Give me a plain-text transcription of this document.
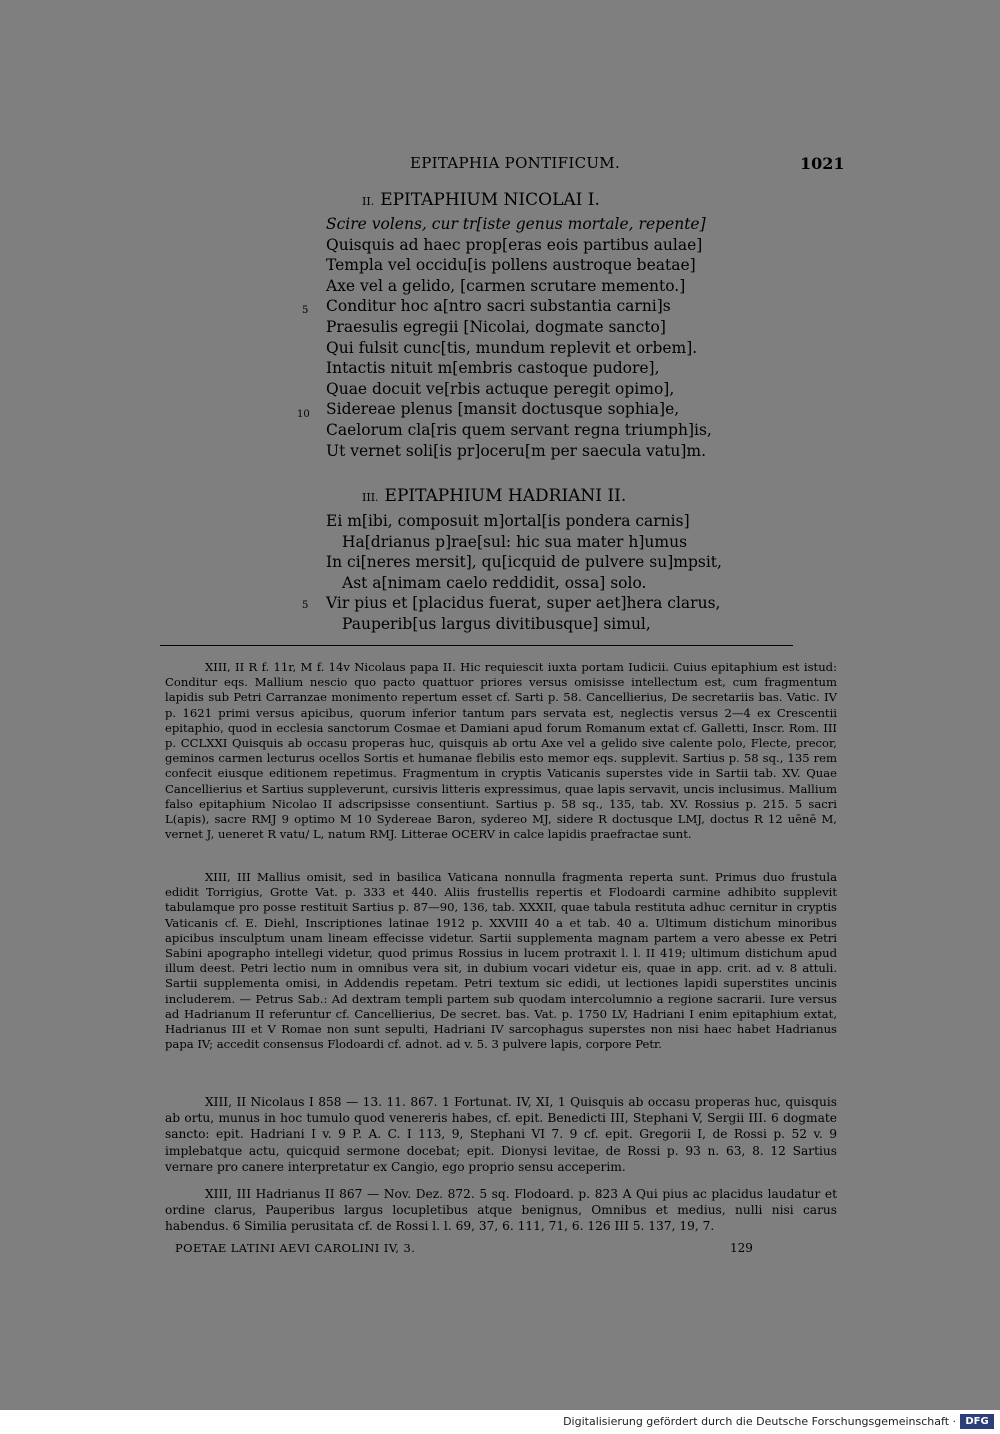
EPITAPHIA PONTIFICUM.	1021
II. EPITAPHIUM NICOLAI I.
5
10
Scire volens, cur tr[iste genus mortale, repente]
Quisquis ad haec prop[eras eois partibus aulae]
Templa vel occidu[is pollens austroque beatae]
Axe vel a gelido, [carmen scrutare memento.]
Conditur hoc a[ntro sacri substantia carni]s
Praesulis egregii [Nicolai, dogmate sancto]
Qui fulsit cunc[tis, mundum replevit et orbem].
Intactis nituit m[embris castoque pudore],
Quae docuit ve[rbis actuque peregit opimo],
Sidereae plenus [mansit doctusque sophia]e,
Caelorum cla[ris quem servant regna triumph]is,
Ut vernet soli[is pr]oceru[m per saecula vatu]m.
III. EPITAPHIUM HADRIANI II.
5
Ei m[ibi, composuit m]ortal[is pondera carnis]
Ha[drianus p]rae[sul: hic sua mater h]umus
In ci[neres mersit], qu[icquid de pulvere su]mpsit,
Ast a[nimam caelo reddidit, ossa] solo.
Vir pius et [placidus fuerat, super aet]hera clarus,
Pauperib[us largus divitibusque] simul,

XIII, II R f. 11r, M f. 14v Nicolaus papa II. Hic requiescit iuxta portam Iudicii. Cuius epitaphium est istud: Conditur eqs. Mallium nescio quo pacto quattuor priores versus omisisse intellectum est, cum fragmentum lapidis sub Petri Carranzae monimento repertum esset cf. Sarti p. 58. Cancellierius, De secretariis bas. Vatic. IV p. 1621 primi versus apicibus, quorum inferior tantum pars servata est, neglectis versus 2—4 ex Crescentii epitaphio, quod in ecclesia sanctorum Cosmae et Damiani apud forum Romanum extat cf. Galletti, Inscr. Rom. III p. CCLXXI Quisquis ab occasu properas huc, quisquis ab ortu Axe vel a gelido sive calente polo, Flecte, precor, geminos carmen lecturus ocellos Sortis et humanae flebilis esto memor eqs. supplevit. Sartius p. 58 sq., 135 rem confecit eiusque editionem repetimus. Fragmentum in cryptis Vaticanis superstes vide in Sartii tab. XV. Quae Cancellierius et Sartius suppleverunt, cursivis litteris expressimus, quae lapis servavit, uncis inclusimus. Mallium falso epitaphium Nicolao II adscripsisse consentiunt. Sartius p. 58 sq., 135, tab. XV. Rossius p. 215. 5 sacri L(apis), sacre RMJ 9 optimo M 10 Sydereae Baron, sydereo MJ, sidere R doctusque LMJ, doctus R 12 uēnē M, vernet J, ueneret R vatu/ L, natum RMJ. Litterae OCERV in calce lapidis praefractae sunt.

XIII, III Mallius omisit, sed in basilica Vaticana nonnulla fragmenta reperta sunt. Primus duo frustula edidit Torrigius, Grotte Vat. p. 333 et 440. Aliis frustellis repertis et Flodoardi carmine adhibito supplevit tabulamque pro posse restituit Sartius p. 87—90, 136, tab. XXXII, quae tabula restituta adhuc cernitur in cryptis Vaticanis cf. E. Diehl, Inscriptiones latinae 1912 p. XXVIII 40 a et tab. 40 a. Ultimum distichum minoribus apicibus insculptum unam lineam effecisse videtur. Sartii supplementa magnam partem a vero abesse ex Petri Sabini apographo intellegi videtur, quod primus Rossius in lucem protraxit l. l. II 419; ultimum distichum apud illum deest. Petri lectio num in omnibus vera sit, in dubium vocari videtur eis, quae in app. crit. ad v. 8 attuli. Sartii supplementa omisi, in Addendis repetam. Petri textum sic edidi, ut lectiones lapidi superstites uncinis includerem. — Petrus Sab.: Ad dextram templi partem sub quodam intercolumnio a regione sacrarii. Iure versus ad Hadrianum II referuntur cf. Cancellierius, De secret. bas. Vat. p. 1750 LV, Hadriani I enim epitaphium extat, Hadrianus III et V Romae non sunt sepulti, Hadriani IV sarcophagus superstes non nisi haec habet Hadrianus papa IV; accedit consensus Flodoardi cf. adnot. ad v. 5. 3 pulvere lapis, corpore Petr.

XIII, II Nicolaus I 858 — 13. 11. 867. 1 Fortunat. IV, XI, 1 Quisquis ab occasu properas huc, quisquis ab ortu, munus in hoc tumulo quod venereris habes, cf. epit. Benedicti III, Stephani V, Sergii III. 6 dogmate sancto: epit. Hadriani I v. 9 P. A. C. I 113, 9, Stephani VI 7. 9 cf. epit. Gregorii I, de Rossi p. 52 v. 9 implebatque actu, quicquid sermone docebat; epit. Dionysi levitae, de Rossi p. 93 n. 63, 8. 12 Sartius vernare pro canere interpretatur ex Cangio, ego proprio sensu acceperim.

XIII, III Hadrianus II 867 — Nov. Dez. 872. 5 sq. Flodoard. p. 823 A Qui pius ac placidus laudatur et ordine clarus, Pauperibus largus locupletibus atque benignus, Omnibus et medius, nulli nisi carus habendus. 6 Similia perusitata cf. de Rossi l. l. 69, 37, 6. 111, 71, 6. 126 III 5. 137, 19, 7.

POETAE LATINI AEVI CAROLINI IV, 3.	129
Digitalisierung gefördert durch die Deutsche Forschungsgemeinschaft · DFG
